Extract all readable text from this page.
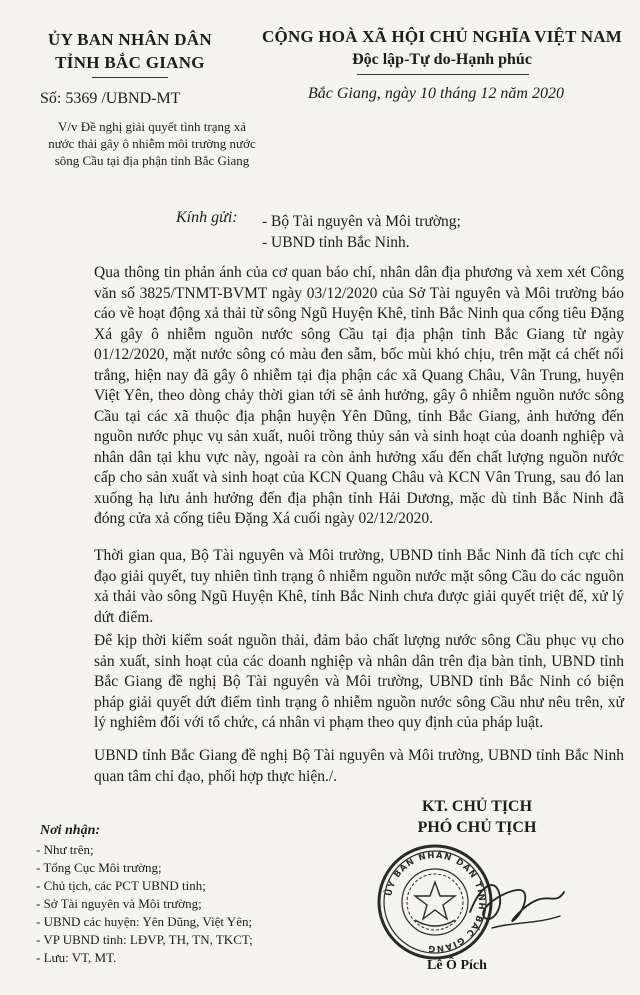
ỦY BAN NHÂN DÂN
TỈNH BẮC GIANG
CỘNG HOÀ XÃ HỘI CHỦ NGHĨA VIỆT NAM
Độc lập-Tự do-Hạnh phúc
Số: 5369 /UBND-MT	Bắc Giang, ngày 10 tháng 12 năm 2020
V/v Đề nghị giải quyết tình trạng xả
nước thải gây ô nhiễm môi trường nước
sông Cầu tại địa phận tỉnh Bắc Giang
Kính gửi: - Bộ Tài nguyên và Môi trường;
- UBND tỉnh Bắc Ninh.

Qua thông tin phản ánh của cơ quan báo chí, nhân dân địa phương và xem xét Công văn số 3825/TNMT-BVMT ngày 03/12/2020 của Sở Tài nguyên và Môi trường báo cáo về hoạt động xả thải từ sông Ngũ Huyện Khê, tỉnh Bắc Ninh qua cống tiêu Đặng Xá gây ô nhiễm nguồn nước sông Cầu tại địa phận tỉnh Bắc Giang từ ngày 01/12/2020, mặt nước sông có màu đen sẫm, bốc mùi khó chịu, trên mặt cá chết nổi trắng, hiện nay đã gây ô nhiễm tại địa phận các xã Quang Châu, Vân Trung, huyện Việt Yên, theo dòng chảy thời gian tới sẽ ảnh hưởng, gây ô nhiễm nguồn nước sông Cầu tại các xã thuộc địa phận huyện Yên Dũng, tỉnh Bắc Giang, ảnh hưởng đến nguồn nước phục vụ sản xuất, nuôi trồng thủy sản và sinh hoạt của doanh nghiệp và nhân dân tại khu vực này, ngoài ra còn ảnh hưởng xấu đến chất lượng nguồn nước cấp cho sản xuất và sinh hoạt của KCN Quang Châu và KCN Vân Trung, sau đó lan xuống hạ lưu ảnh hưởng đến địa phận tỉnh Hải Dương, mặc dù tỉnh Bắc Ninh đã đóng cửa xả cống tiêu Đặng Xá cuối ngày 02/12/2020.

Thời gian qua, Bộ Tài nguyên và Môi trường, UBND tỉnh Bắc Ninh đã tích cực chỉ đạo giải quyết, tuy nhiên tình trạng ô nhiễm nguồn nước mặt sông Cầu do các nguồn xả thải vào sông Ngũ Huyện Khê, tỉnh Bắc Ninh chưa được giải quyết triệt để, xử lý dứt điểm.

Để kịp thời kiểm soát nguồn thải, đảm bảo chất lượng nước sông Cầu phục vụ cho sản xuất, sinh hoạt của các doanh nghiệp và nhân dân trên địa bàn tỉnh, UBND tỉnh Bắc Giang đề nghị Bộ Tài nguyên và Môi trường, UBND tỉnh Bắc Ninh có biện pháp giải quyết dứt điểm tình trạng ô nhiễm nguồn nước sông Cầu như nêu trên, xử lý nghiêm đối với tổ chức, cá nhân vi phạm theo quy định của pháp luật.

UBND tỉnh Bắc Giang đề nghị Bộ Tài nguyên và Môi trường, UBND tỉnh Bắc Ninh quan tâm chỉ đạo, phối hợp thực hiện./.

Nơi nhận:
- Như trên;
- Tổng Cục Môi trường;
- Chủ tịch, các PCT UBND tỉnh;
- Sở Tài nguyên và Môi trường;
- UBND các huyện: Yên Dũng, Việt Yên;
- VP UBND tỉnh: LĐVP, TH, TN, TKCT;
- Lưu: VT, MT.
KT. CHỦ TỊCH
PHÓ CHỦ TỊCH
ỦY BAN NHÂN DÂN TỈNH BẮC GIANG
Lê Ô Pích
